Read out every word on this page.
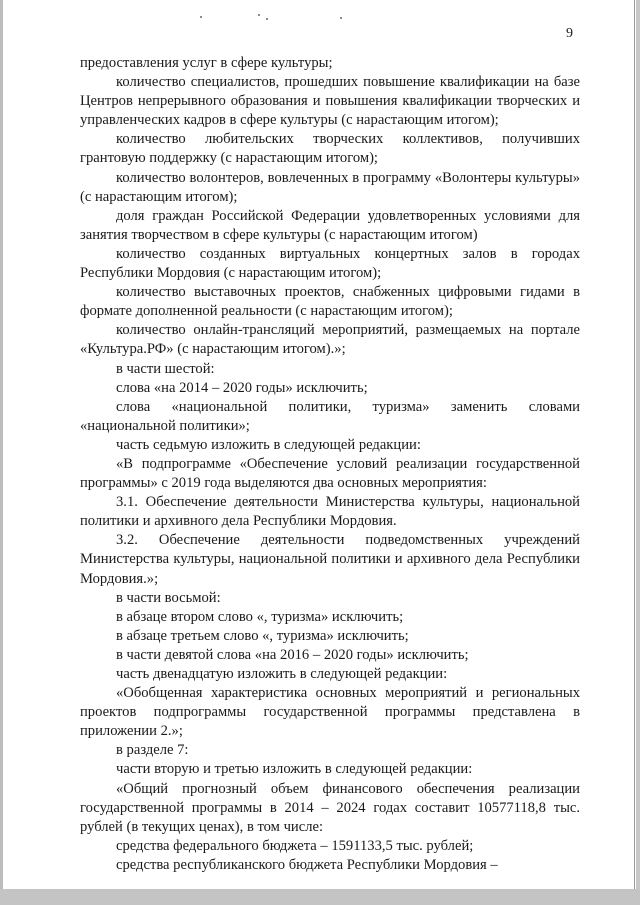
9

предоставления услуг в сфере культуры;

количество специалистов, прошедших повышение квалификации на базе Центров непрерывного образования и повышения квалификации творческих и управленческих кадров в сфере культуры (с нарастающим итогом);

количество любительских творческих коллективов, получивших грантовую поддержку (с нарастающим итогом);

количество волонтеров, вовлеченных в программу «Волонтеры культуры» (с нарастающим итогом);

доля граждан Российской Федерации удовлетворенных условиями для занятия творчеством в сфере культуры (с нарастающим итогом)

количество созданных виртуальных концертных залов в городах Республики Мордовия (с нарастающим итогом);

количество выставочных проектов, снабженных цифровыми гидами в формате дополненной реальности (с нарастающим итогом);

количество онлайн-трансляций мероприятий, размещаемых на портале «Культура.РФ» (с нарастающим итогом).»;

в части шестой:

слова «на 2014 – 2020 годы» исключить;

слова «национальной политики, туризма» заменить словами «национальной политики»;

часть седьмую изложить в следующей редакции:

«В подпрограмме «Обеспечение условий реализации государственной программы» с 2019 года выделяются два основных мероприятия:

3.1. Обеспечение деятельности Министерства культуры, национальной политики и архивного дела Республики Мордовия.

3.2. Обеспечение деятельности подведомственных учреждений Министерства культуры, национальной политики и архивного дела Республики Мордовия.»;

в части восьмой:

в абзаце втором слово «, туризма» исключить;

в абзаце третьем слово «, туризма» исключить;

в части девятой слова «на 2016 – 2020 годы» исключить;

часть двенадцатую изложить в следующей редакции:

«Обобщенная характеристика основных мероприятий и региональных проектов подпрограммы государственной программы представлена в приложении 2.»;

в разделе 7:

части вторую и третью изложить в следующей редакции:

«Общий прогнозный объем финансового обеспечения реализации государственной программы в 2014 – 2024 годах составит 10577118,8 тыс. рублей (в текущих ценах), в том числе:

средства федерального бюджета – 1591133,5 тыс. рублей;

средства республиканского бюджета Республики Мордовия –
